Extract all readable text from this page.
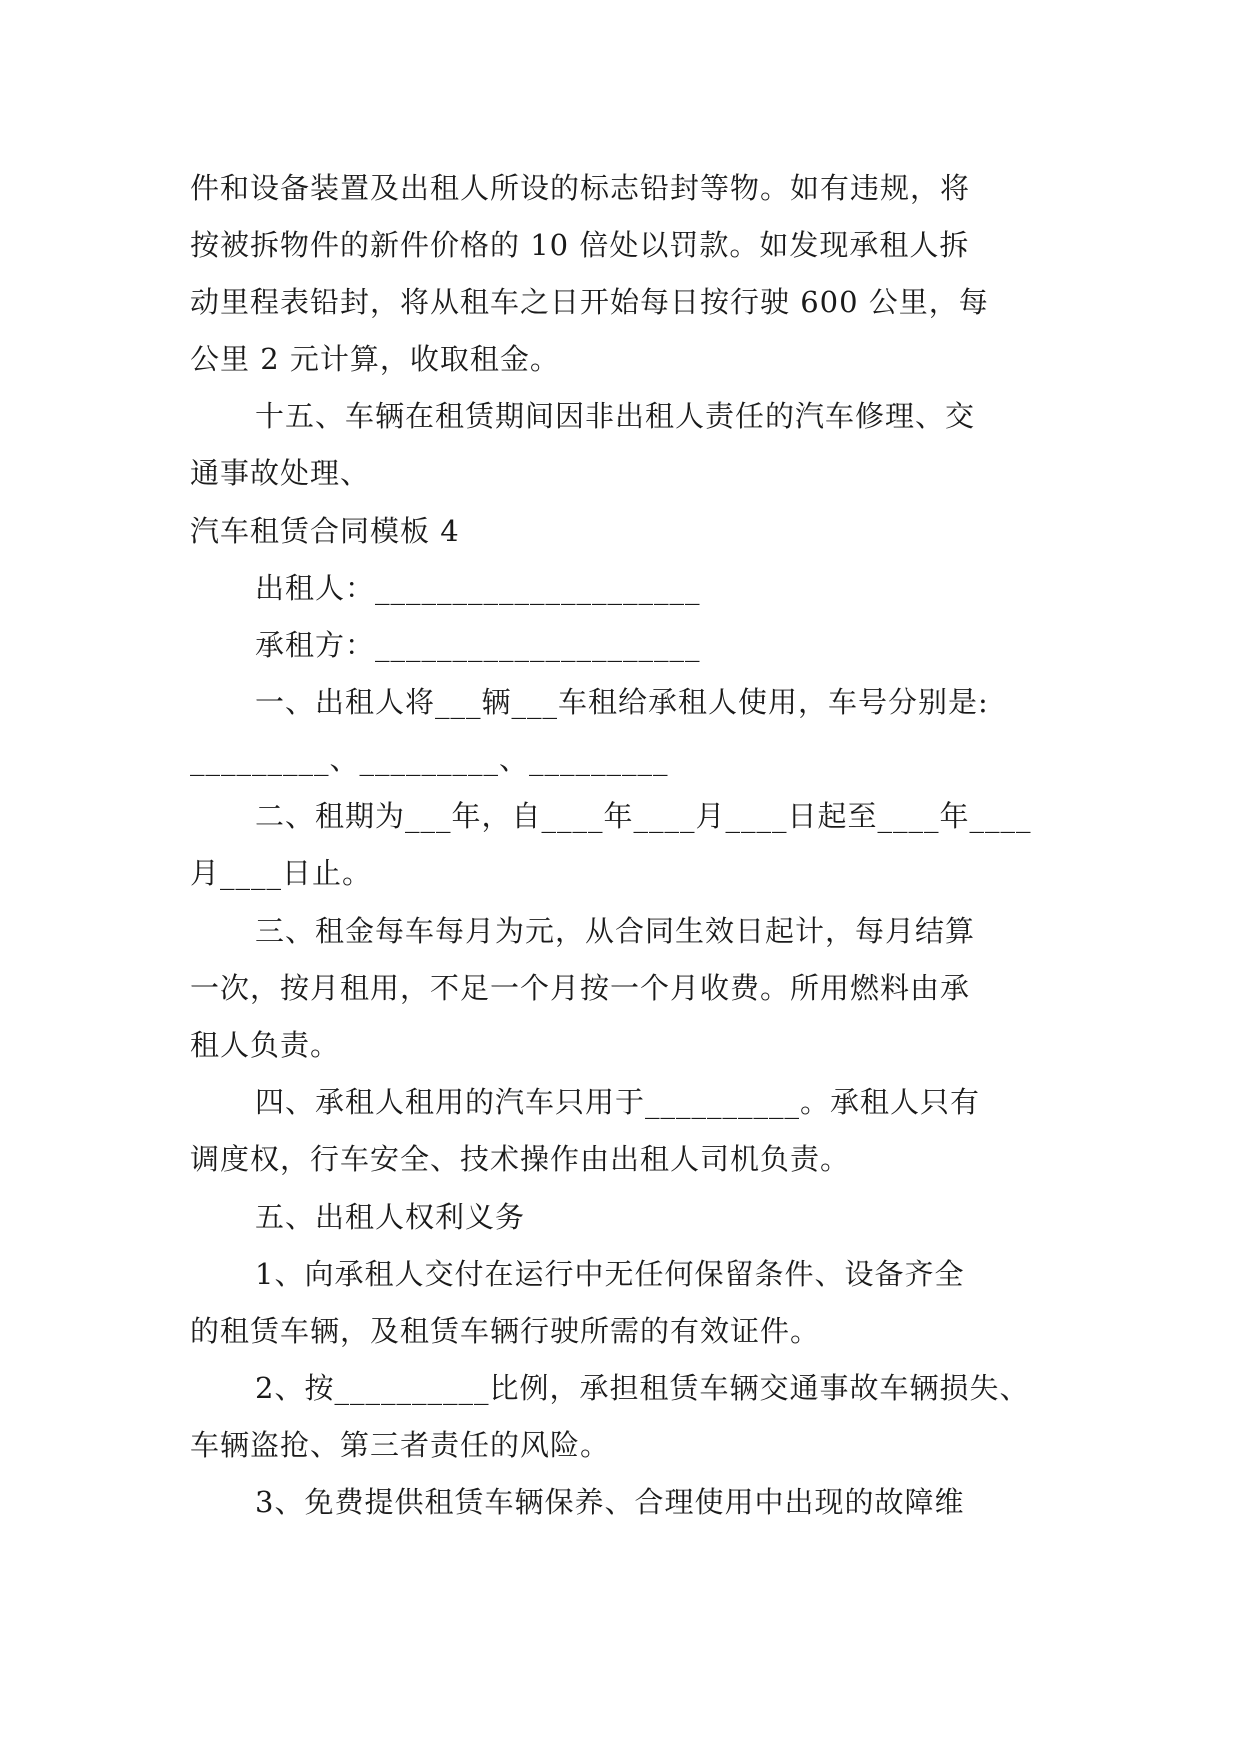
件和设备装置及出租人所设的标志铅封等物。如有违规，将
按被拆物件的新件价格的 10 倍处以罚款。如发现承租人拆
动里程表铅封，将从租车之日开始每日按行驶 600 公里，每
公里 2 元计算，收取租金。
十五、车辆在租赁期间因非出租人责任的汽车修理、交
通事故处理、
汽车租赁合同模板 4
出租人：_____________________
承租方：_____________________
一、出租人将___辆___车租给承租人使用，车号分别是:
_________、_________、_________
二、租期为___年，自____年____月____日起至____年____
月____日止。
三、租金每车每月为元，从合同生效日起计，每月结算
一次，按月租用，不足一个月按一个月收费。所用燃料由承
租人负责。
四、承租人租用的汽车只用于__________。承租人只有
调度权，行车安全、技术操作由出租人司机负责。
五、出租人权利义务
1、向承租人交付在运行中无任何保留条件、设备齐全
的租赁车辆，及租赁车辆行驶所需的有效证件。
2、按__________比例，承担租赁车辆交通事故车辆损失、
车辆盗抢、第三者责任的风险。
3、免费提供租赁车辆保养、合理使用中出现的故障维
